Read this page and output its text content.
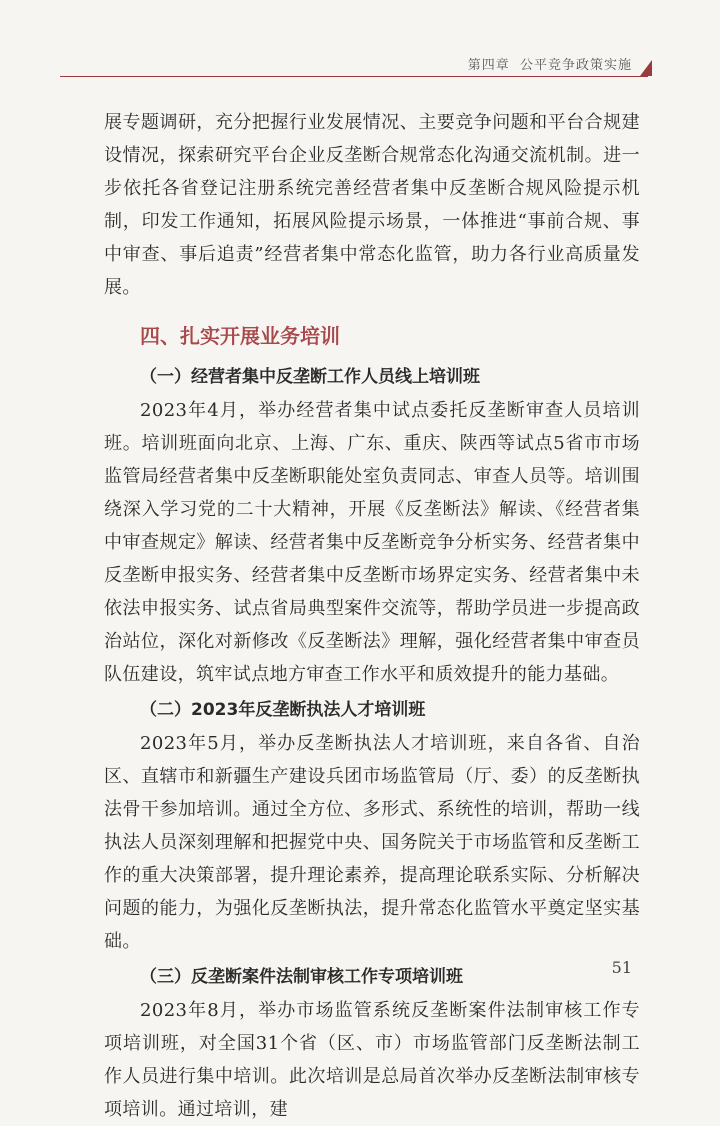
第四章 公平竞争政策实施

展专题调研，充分把握行业发展情况、主要竞争问题和平台合规建设情况，探索研究平台企业反垄断合规常态化沟通交流机制。进一步依托各省登记注册系统完善经营者集中反垄断合规风险提示机制，印发工作通知，拓展风险提示场景，一体推进“事前合规、事中审查、事后追责”经营者集中常态化监管，助力各行业高质量发展。

四、扎实开展业务培训
（一）经营者集中反垄断工作人员线上培训班

2023年4月，举办经营者集中试点委托反垄断审查人员培训班。培训班面向北京、上海、广东、重庆、陕西等试点5省市市场监管局经营者集中反垄断职能处室负责同志、审查人员等。培训围绕深入学习党的二十大精神，开展《反垄断法》解读、《经营者集中审查规定》解读、经营者集中反垄断竞争分析实务、经营者集中反垄断申报实务、经营者集中反垄断市场界定实务、经营者集中未依法申报实务、试点省局典型案件交流等，帮助学员进一步提高政治站位，深化对新修改《反垄断法》理解，强化经营者集中审查员队伍建设，筑牢试点地方审查工作水平和质效提升的能力基础。

（二）2023年反垄断执法人才培训班

2023年5月，举办反垄断执法人才培训班，来自各省、自治区、直辖市和新疆生产建设兵团市场监管局（厅、委）的反垄断执法骨干参加培训。通过全方位、多形式、系统性的培训，帮助一线执法人员深刻理解和把握党中央、国务院关于市场监管和反垄断工作的重大决策部署，提升理论素养，提高理论联系实际、分析解决问题的能力，为强化反垄断执法，提升常态化监管水平奠定坚实基础。

（三）反垄断案件法制审核工作专项培训班

2023年8月，举办市场监管系统反垄断案件法制审核工作专项培训班，对全国31个省（区、市）市场监管部门反垄断法制工作人员进行集中培训。此次培训是总局首次举办反垄断法制审核专项培训。通过培训，建

51
